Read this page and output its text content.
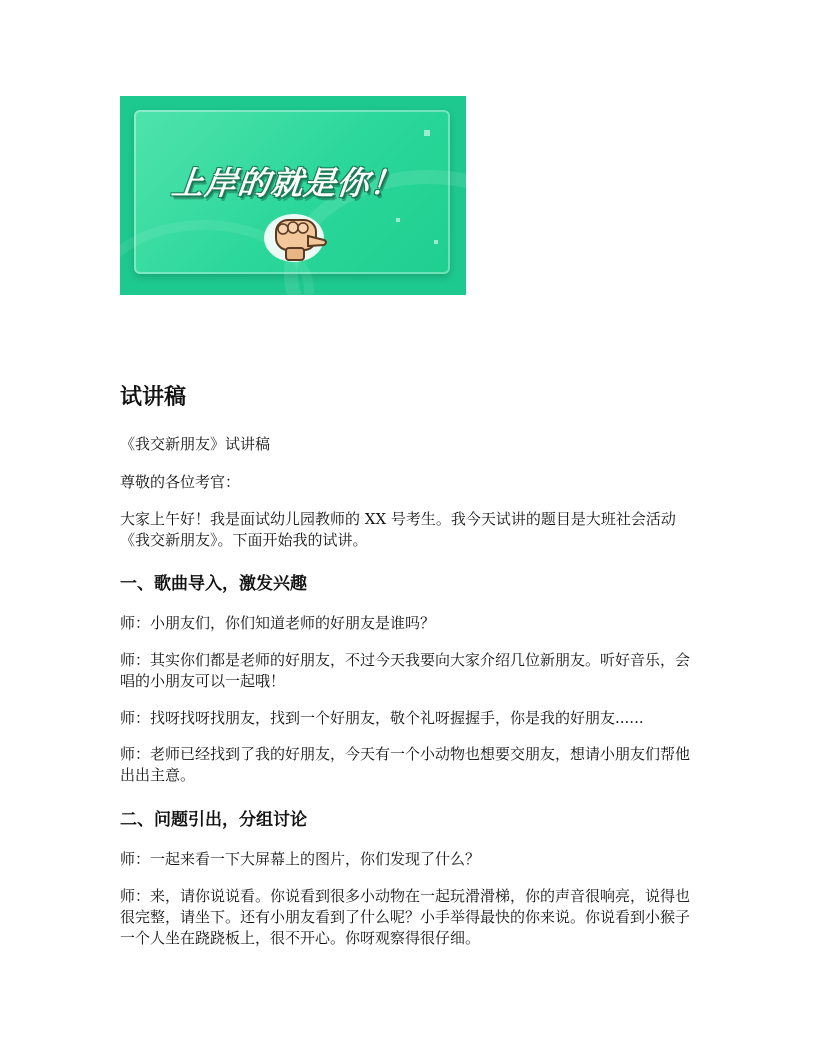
上岸的就是你！
试讲稿

《我交新朋友》试讲稿

尊敬的各位考官：

大家上午好！我是面试幼儿园教师的 XX 号考生。我今天试讲的题目是大班社会活动《我交新朋友》。下面开始我的试讲。

一、歌曲导入，激发兴趣

师：小朋友们，你们知道老师的好朋友是谁吗？

师：其实你们都是老师的好朋友，不过今天我要向大家介绍几位新朋友。听好音乐，会唱的小朋友可以一起哦！

师：找呀找呀找朋友，找到一个好朋友，敬个礼呀握握手，你是我的好朋友......

师：老师已经找到了我的好朋友，今天有一个小动物也想要交朋友，想请小朋友们帮他出出主意。

二、问题引出，分组讨论

师：一起来看一下大屏幕上的图片，你们发现了什么？

师：来，请你说说看。你说看到很多小动物在一起玩滑滑梯，你的声音很响亮，说得也很完整，请坐下。还有小朋友看到了什么呢？小手举得最快的你来说。你说看到小猴子一个人坐在跷跷板上，很不开心。你呀观察得很仔细。
